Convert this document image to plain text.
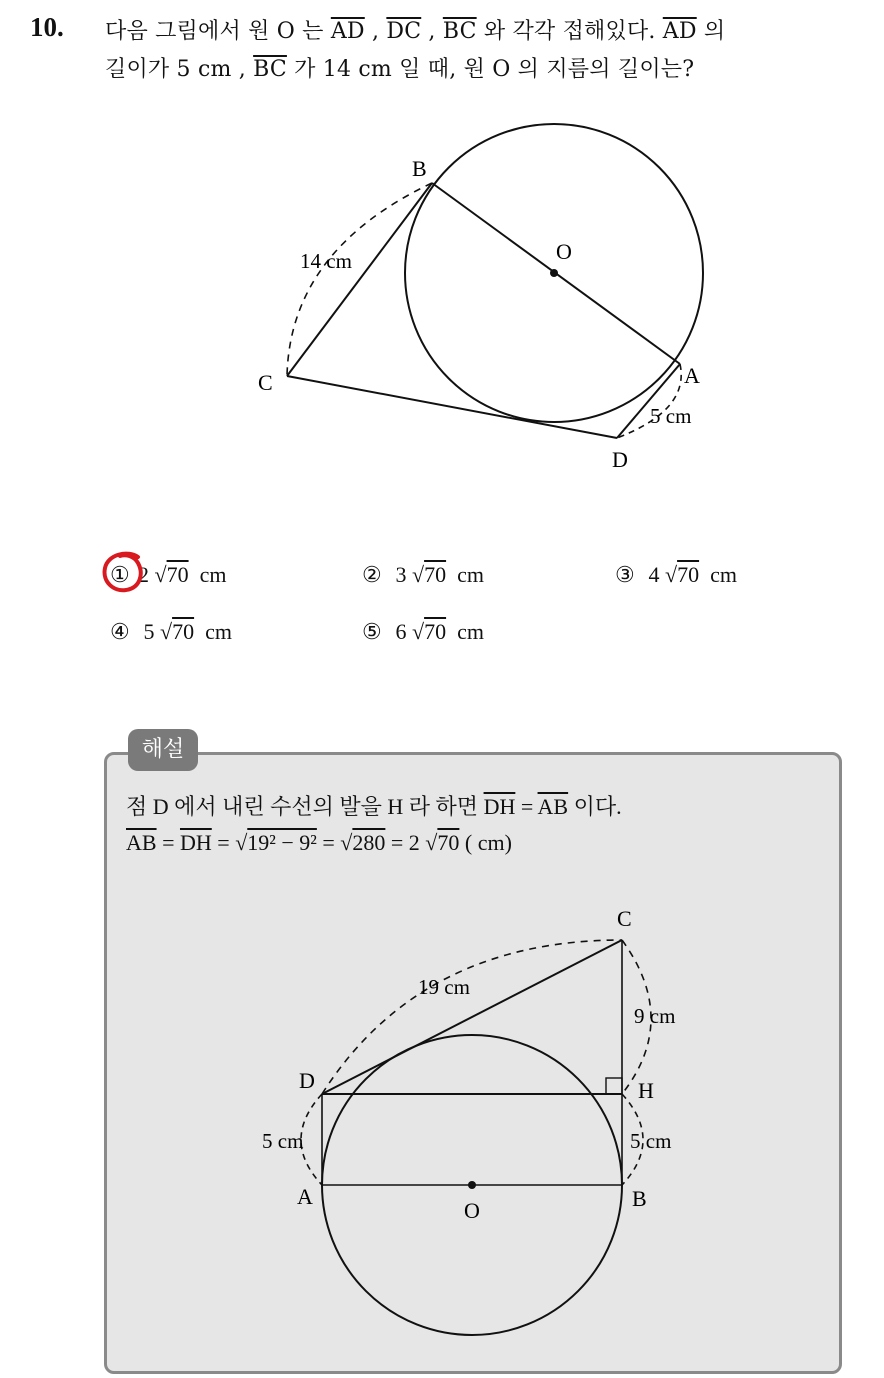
10. 다음 그림에서 원 O 는 $\overline{AD}$ , $\overline{DC}$ , $\overline{BC}$ 와 각각 접해있다. $\overline{AD}$ 의
길이가 5 cm , $\overline{BC}$ 가 14 cm 일 때, 원 O 의 지름의 길이는?
B
O
C	A
D
14 cm
5 cm
① 2 √70 cm	② 3 √70 cm	③ 4 √70 cm
④ 5 √70 cm	⑤ 6 √70 cm
해설
점 D 에서 내린 수선의 발을 H 라 하면 $\overline{DH} = \overline{AB}$ 이다.
$\overline{AB} = \overline{DH} = √19^2 - 9^2 = √280 = 2$ √70 ( cm)
C
D	H
A
O	B
19 cm
9 cm
5 cm	5 cm
